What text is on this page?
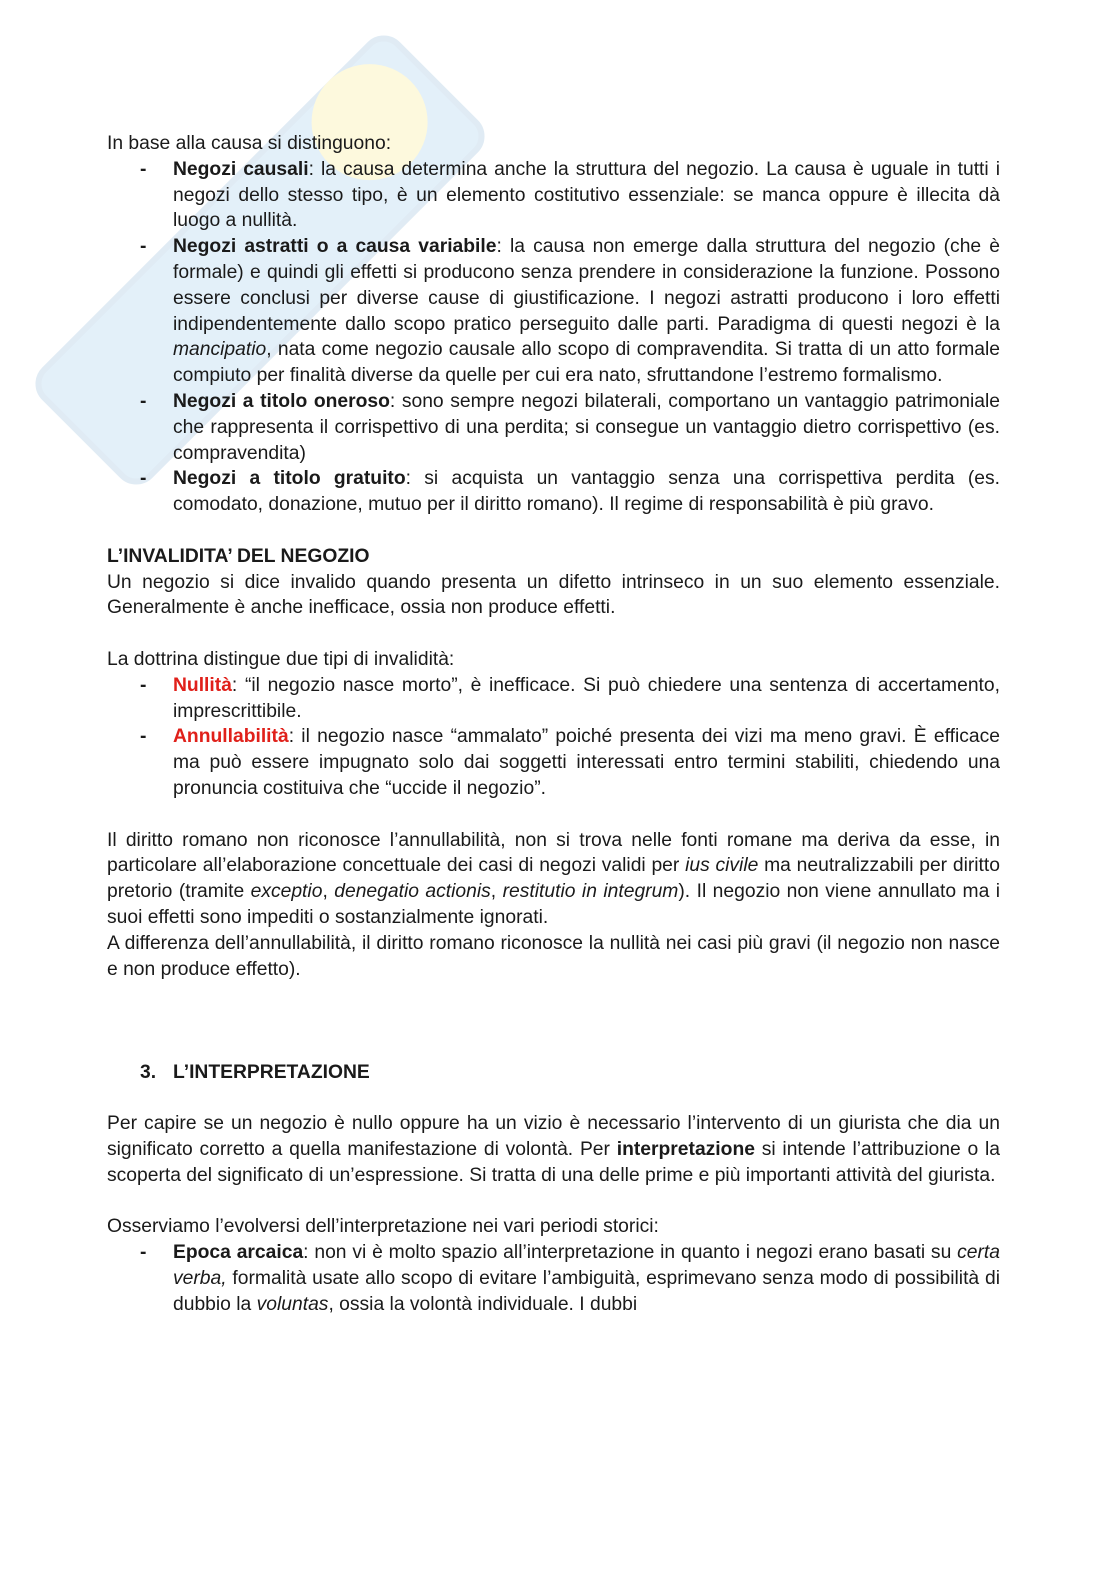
In base alla causa si distinguono:

- Negozi causali: la causa determina anche la struttura del negozio. La causa è uguale in tutti i negozi dello stesso tipo, è un elemento costitutivo essenziale: se manca oppure è illecita dà luogo a nullità.
- Negozi astratti o a causa variabile: la causa non emerge dalla struttura del negozio (che è formale) e quindi gli effetti si producono senza prendere in considerazione la funzione. Possono essere conclusi per diverse cause di giustificazione. I negozi astratti producono i loro effetti indipendentemente dallo scopo pratico perseguito dalle parti. Paradigma di questi negozi è la mancipatio, nata come negozio causale allo scopo di compravendita. Si tratta di un atto formale compiuto per finalità diverse da quelle per cui era nato, sfruttandone l’estremo formalismo.
- Negozi a titolo oneroso: sono sempre negozi bilaterali, comportano un vantaggio patrimoniale che rappresenta il corrispettivo di una perdita; si consegue un vantaggio dietro corrispettivo (es. compravendita)
- Negozi a titolo gratuito: si acquista un vantaggio senza una corrispettiva perdita (es. comodato, donazione, mutuo per il diritto romano). Il regime di responsabilità è più gravo.

L’INVALIDITA’ DEL NEGOZIO

Un negozio si dice invalido quando presenta un difetto intrinseco in un suo elemento essenziale. Generalmente è anche inefficace, ossia non produce effetti.

La dottrina distingue due tipi di invalidità:

- Nullità: “il negozio nasce morto”, è inefficace. Si può chiedere una sentenza di accertamento, imprescrittibile.
- Annullabilità: il negozio nasce “ammalato” poiché presenta dei vizi ma meno gravi. È efficace ma può essere impugnato solo dai soggetti interessati entro termini stabiliti, chiedendo una pronuncia costituiva che “uccide il negozio”.

Il diritto romano non riconosce l’annullabilità, non si trova nelle fonti romane ma deriva da esse, in particolare all’elaborazione concettuale dei casi di negozi validi per ius civile ma neutralizzabili per diritto pretorio (tramite exceptio, denegatio actionis, restitutio in integrum). Il negozio non viene annullato ma i suoi effetti sono impediti o sostanzialmente ignorati.

A differenza dell’annullabilità, il diritto romano riconosce la nullità nei casi più gravi (il negozio non nasce e non produce effetto).

3. L’INTERPRETAZIONE

Per capire se un negozio è nullo oppure ha un vizio è necessario l’intervento di un giurista che dia un significato corretto a quella manifestazione di volontà. Per interpretazione si intende l’attribuzione o la scoperta del significato di un’espressione. Si tratta di una delle prime e più importanti attività del giurista.

Osserviamo l’evolversi dell’interpretazione nei vari periodi storici:

- Epoca arcaica: non vi è molto spazio all’interpretazione in quanto i negozi erano basati su certa verba, formalità usate allo scopo di evitare l’ambiguità, esprimevano senza modo di possibilità di dubbio la voluntas, ossia la volontà individuale. I dubbi
